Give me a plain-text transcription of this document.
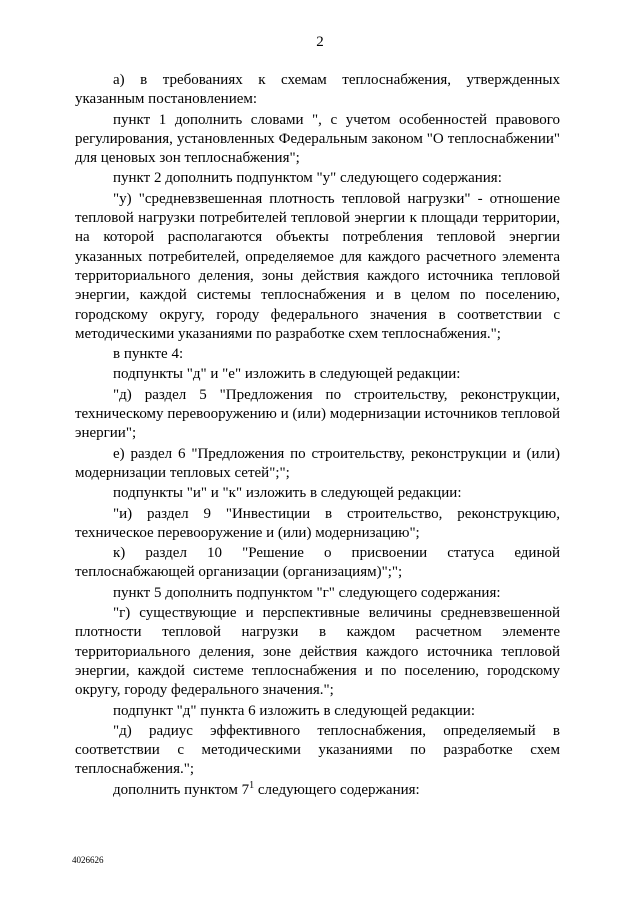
2

а) в требованиях к схемам теплоснабжения, утвержденных указанным постановлением:

пункт 1 дополнить словами ", с учетом особенностей правового регулирования, установленных Федеральным законом "О теплоснабжении" для ценовых зон теплоснабжения";

пункт 2 дополнить подпунктом "у" следующего содержания:

"у) "средневзвешенная плотность тепловой нагрузки" - отношение тепловой нагрузки потребителей тепловой энергии к площади территории, на которой располагаются объекты потребления тепловой энергии указанных потребителей, определяемое для каждого расчетного элемента территориального деления, зоны действия каждого источника тепловой энергии, каждой системы теплоснабжения и в целом по поселению, городскому округу, городу федерального значения в соответствии с методическими указаниями по разработке схем теплоснабжения.";

в пункте 4:

подпункты "д" и "е" изложить в следующей редакции:

"д) раздел 5 "Предложения по строительству, реконструкции, техническому перевооружению и (или) модернизации источников тепловой энергии";

е) раздел 6 "Предложения по строительству, реконструкции и (или) модернизации тепловых сетей";";

подпункты "и" и "к" изложить в следующей редакции:

"и) раздел 9 "Инвестиции в строительство, реконструкцию, техническое перевооружение и (или) модернизацию";

к) раздел 10 "Решение о присвоении статуса единой теплоснабжающей организации (организациям)";";

пункт 5 дополнить подпунктом "г" следующего содержания:

"г) существующие и перспективные величины средневзвешенной плотности тепловой нагрузки в каждом расчетном элементе территориального деления, зоне действия каждого источника тепловой энергии, каждой системе теплоснабжения и по поселению, городскому округу, городу федерального значения.";

подпункт "д" пункта 6 изложить в следующей редакции:

"д) радиус эффективного теплоснабжения, определяемый в соответствии с методическими указаниями по разработке схем теплоснабжения.";

дополнить пунктом $7^1$ следующего содержания:

4026626
